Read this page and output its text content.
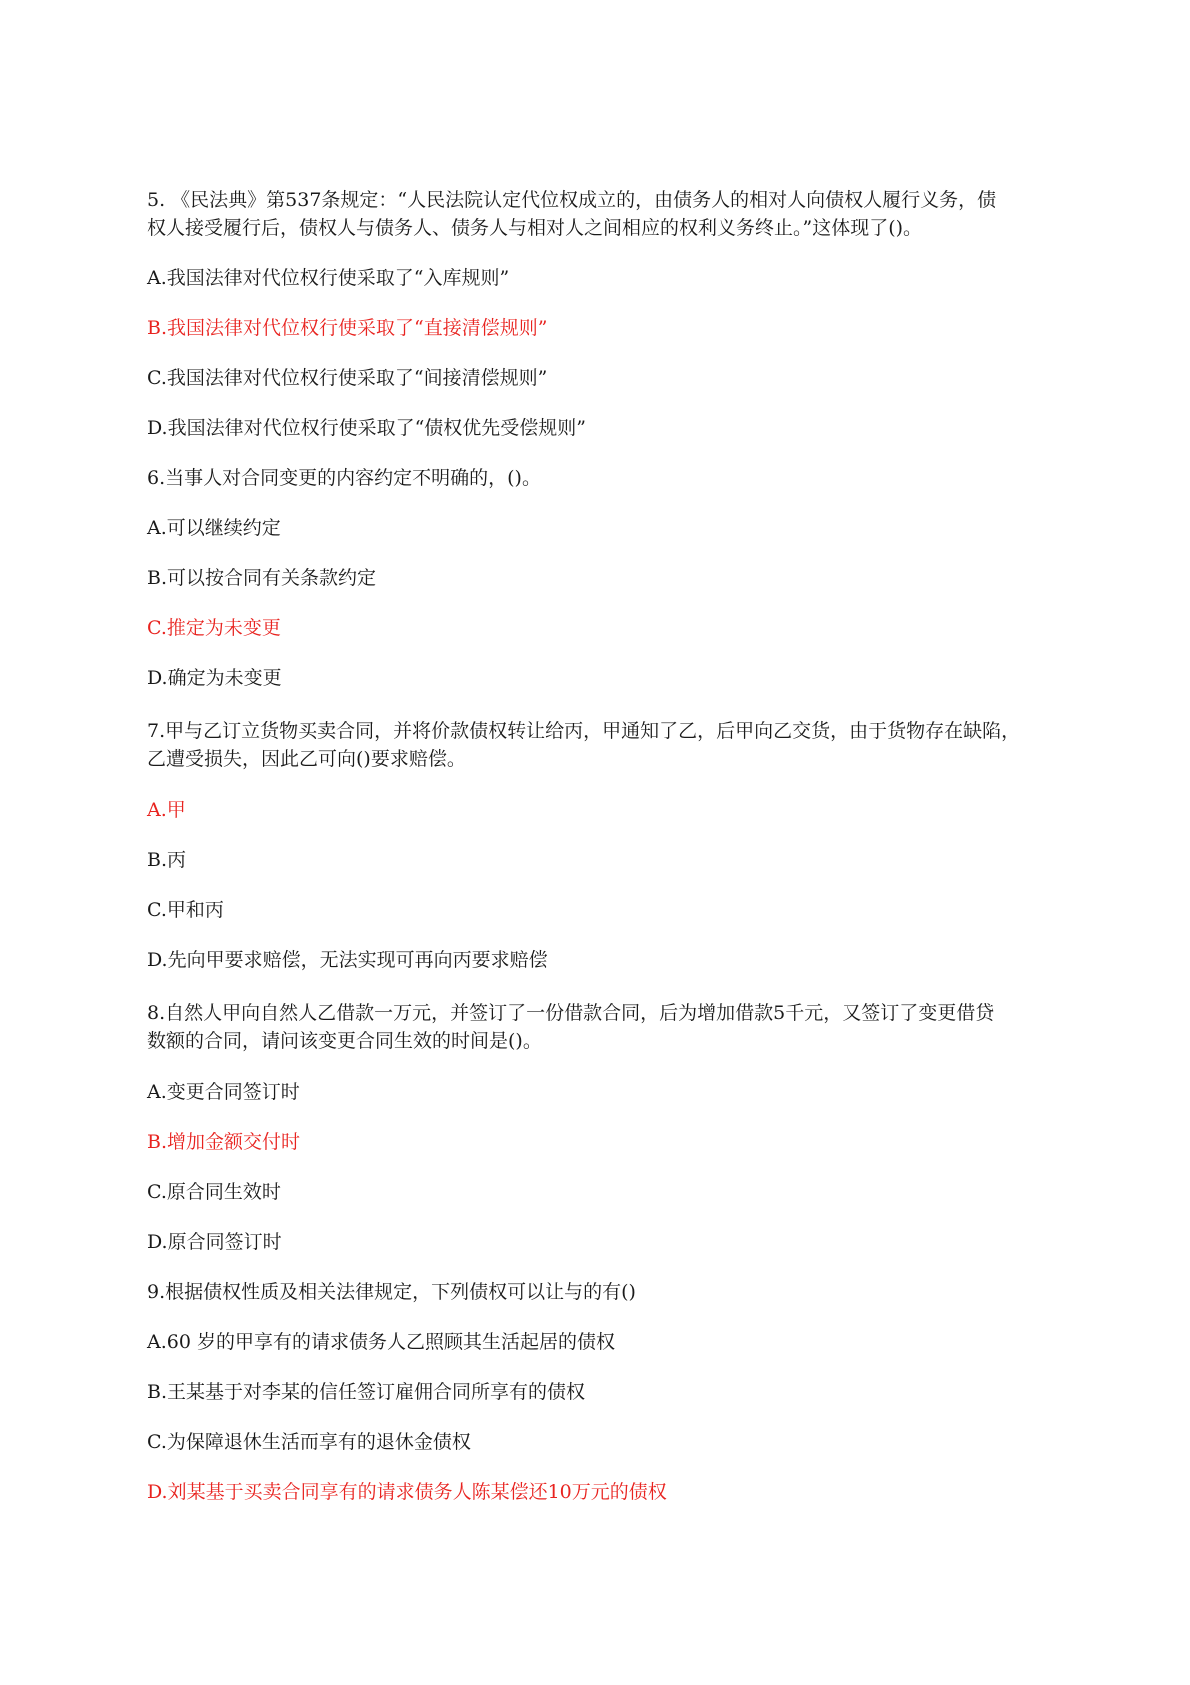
5. 《民法典》第537条规定：“人民法院认定代位权成立的，由债务人的相对人向债权人履行义务，债
权人接受履行后，债权人与债务人、债务人与相对人之间相应的权利义务终止。”这体现了()。
A.我国法律对代位权行使采取了“入库规则”
B.我国法律对代位权行使采取了“直接清偿规则”
C.我国法律对代位权行使采取了“间接清偿规则”
D.我国法律对代位权行使采取了“债权优先受偿规则”
6.当事人对合同变更的内容约定不明确的，()。
A.可以继续约定
B.可以按合同有关条款约定
C.推定为未变更
D.确定为未变更
7.甲与乙订立货物买卖合同，并将价款债权转让给丙，甲通知了乙，后甲向乙交货，由于货物存在缺陷，
乙遭受损失，因此乙可向()要求赔偿。
A.甲
B.丙
C.甲和丙
D.先向甲要求赔偿，无法实现可再向丙要求赔偿
8.自然人甲向自然人乙借款一万元，并签订了一份借款合同，后为增加借款5千元，又签订了变更借贷
数额的合同，请问该变更合同生效的时间是()。
A.变更合同签订时
B.增加金额交付时
C.原合同生效时
D.原合同签订时
9.根据债权性质及相关法律规定，下列债权可以让与的有()
A.60 岁的甲享有的请求债务人乙照顾其生活起居的债权
B.王某基于对李某的信任签订雇佣合同所享有的债权
C.为保障退休生活而享有的退休金债权
D.刘某基于买卖合同享有的请求债务人陈某偿还10万元的债权
